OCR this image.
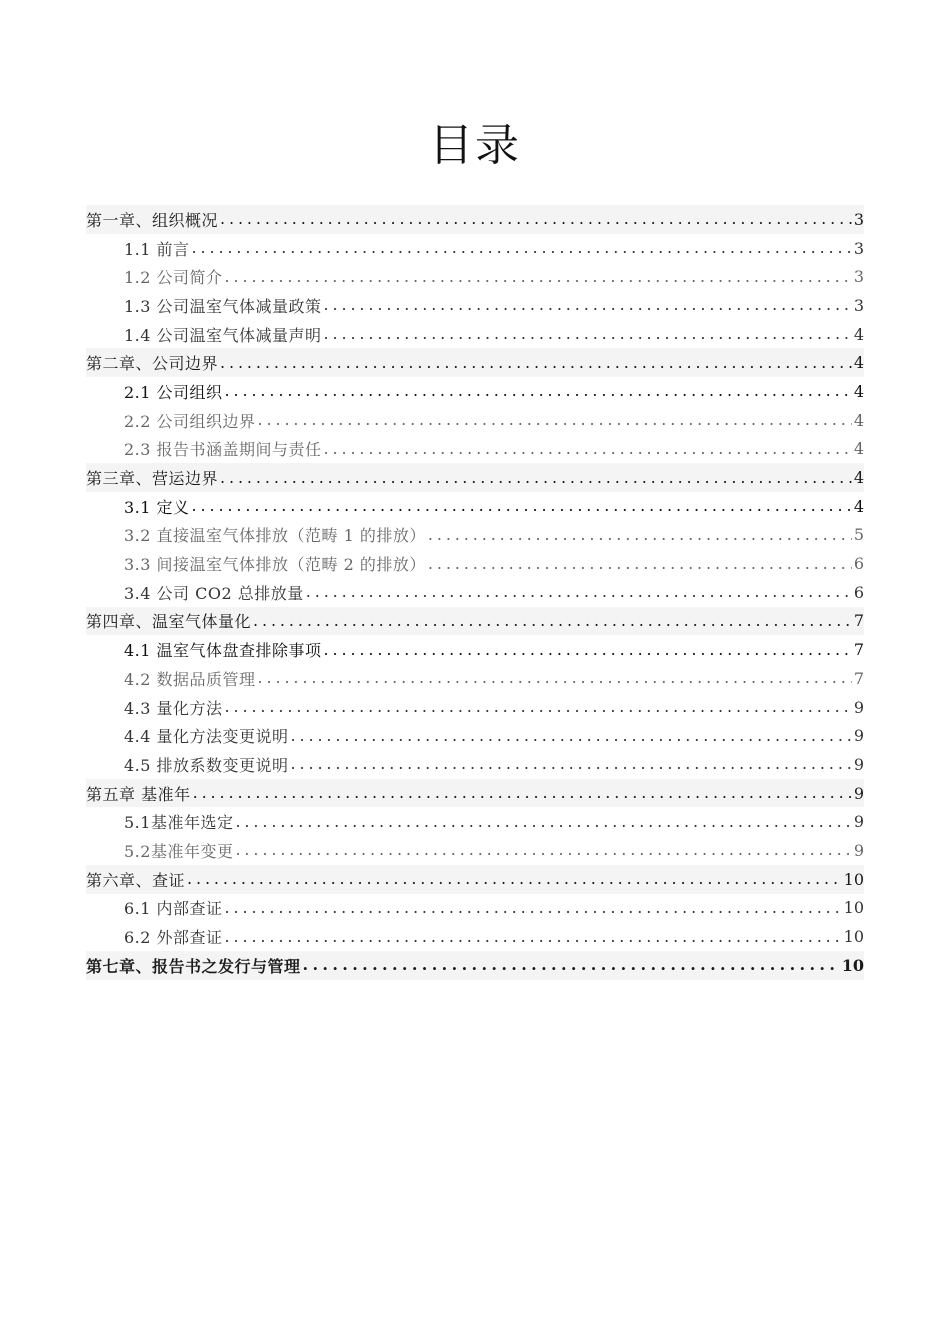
目录
第一章、组织概况 . . .	3
1.1 前言 . . .	3
1.2 公司简介 . . .	3
1.3 公司温室气体减量政策 . . .	3
1.4 公司温室气体减量声明 . . .	4
第二章、公司边界 . . .	4
2.1 公司组织 . . .	4
2.2 公司组织边界 . . .	4
2.3 报告书涵盖期间与责任 . . .	4
第三章、营运边界 . . .	4
3.1 定义 . . .	4
3.2 直接温室气体排放（范畴 1 的排放） . . .	5
3.3 间接温室气体排放（范畴 2 的排放） . . .	6
3.4 公司 CO2 总排放量 . . .	6
第四章、温室气体量化 . . .	7
4.1 温室气体盘查排除事项 . . .	7
4.2 数据品质管理 . . .	7
4.3 量化方法 . . .	9
4.4 量化方法变更说明 . . .	9
4.5 排放系数变更说明 . . .	9
第五章 基准年 . . .	9
5.1基准年选定 . . .	9
5.2基准年变更 . . .	9
第六章、查证 . . .	10
6.1 内部查证 . . .	10
6.2 外部查证 . . .	10
第七章、报告书之发行与管理 . . .	10
